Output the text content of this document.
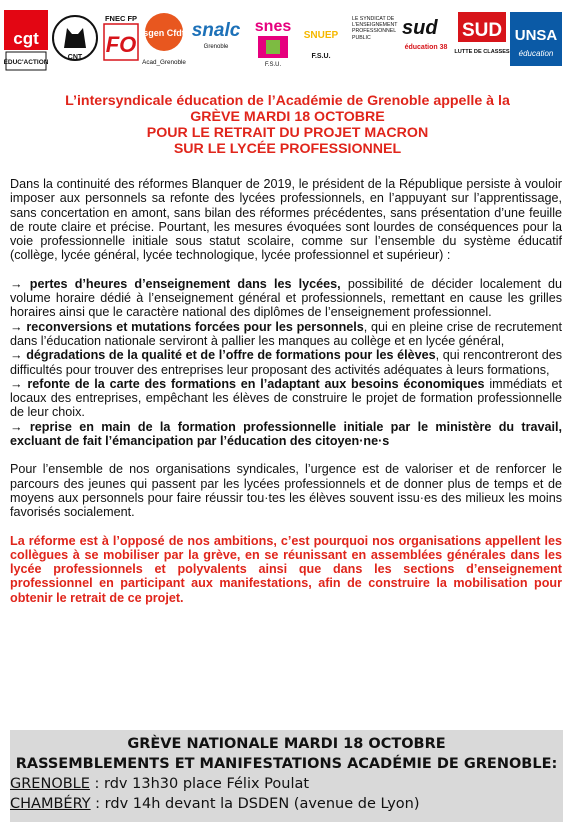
cgt
ÉDUC'ACTION
CNT
FNEC FP
FO sgen Cfdt
Acad_Grenoble
snalc
Grenoble
snes
F.S.U.
SNUEP
F.S.U.
LE SYNDICAT DE L'ENSEIGNEMENT PROFESSIONNEL PUBLIC	sud
éducation 38
SUD
LUTTE DE CLASSES
UNSA
éducation
L’intersyndicale éducation de l’Académie de Grenoble appelle à la
GRÈVE MARDI 18 OCTOBRE
POUR LE RETRAIT DU PROJET MACRON
SUR LE LYCÉE PROFESSIONNEL

Dans la continuité des réformes Blanquer de 2019, le président de la République persiste à vouloir imposer aux personnels sa refonte des lycées professionnels, en l’appuyant sur l’apprentissage, sans concertation en amont, sans bilan des réformes précédentes, sans présentation d’une feuille de route claire et précise. Pourtant, les mesures évoquées sont lourdes de conséquences pour la voie professionnelle initiale sous statut scolaire, comme sur l’ensemble du système éducatif (collège, lycée général, lycée technologique, lycée professionnel et supérieur) :

→ pertes d’heures d’enseignement dans les lycées, possibilité de décider localement du volume horaire dédié à l’enseignement général et professionnels, remettant en cause les grilles horaires ainsi que le caractère national des diplômes de l’enseignement professionnel.

→ reconversions et mutations forcées pour les personnels, qui en pleine crise de recrutement dans l’éducation nationale serviront à pallier les manques au collège et en lycée général,

→ dégradations de la qualité et de l’offre de formations pour les élèves, qui rencontreront des difficultés pour trouver des entreprises leur proposant des activités adéquates à leurs formations,

→ refonte de la carte des formations en l’adaptant aux besoins économiques immédiats et locaux des entreprises, empêchant les élèves de construire le projet de formation professionnelle de leur choix.

→ reprise en main de la formation professionnelle initiale par le ministère du travail, excluant de fait l’émancipation par l’éducation des citoyen·ne·s

Pour l’ensemble de nos organisations syndicales, l’urgence est de valoriser et de renforcer le parcours des jeunes qui passent par les lycées professionnels et de donner plus de temps et de moyens aux personnels pour faire réussir tou·tes les élèves souvent issu·es des milieux les moins favorisés socialement.

La réforme est à l’opposé de nos ambitions, c’est pourquoi nos organisations appellent les collègues à se mobiliser par la grève, en se réunissant en assemblées générales dans les lycée professionnels et polyvalents ainsi que dans les sections d’enseignement professionnel en participant aux manifestations, afin de construire la mobilisation pour obtenir le retrait de ce projet.

GRÈVE NATIONALE MARDI 18 OCTOBRE
RASSEMBLEMENTS ET MANIFESTATIONS ACADÉMIE DE GRENOBLE:
GRENOBLE : rdv 13h30 place Félix Poulat
CHAMBÉRY : rdv 14h devant la DSDEN (avenue de Lyon)
